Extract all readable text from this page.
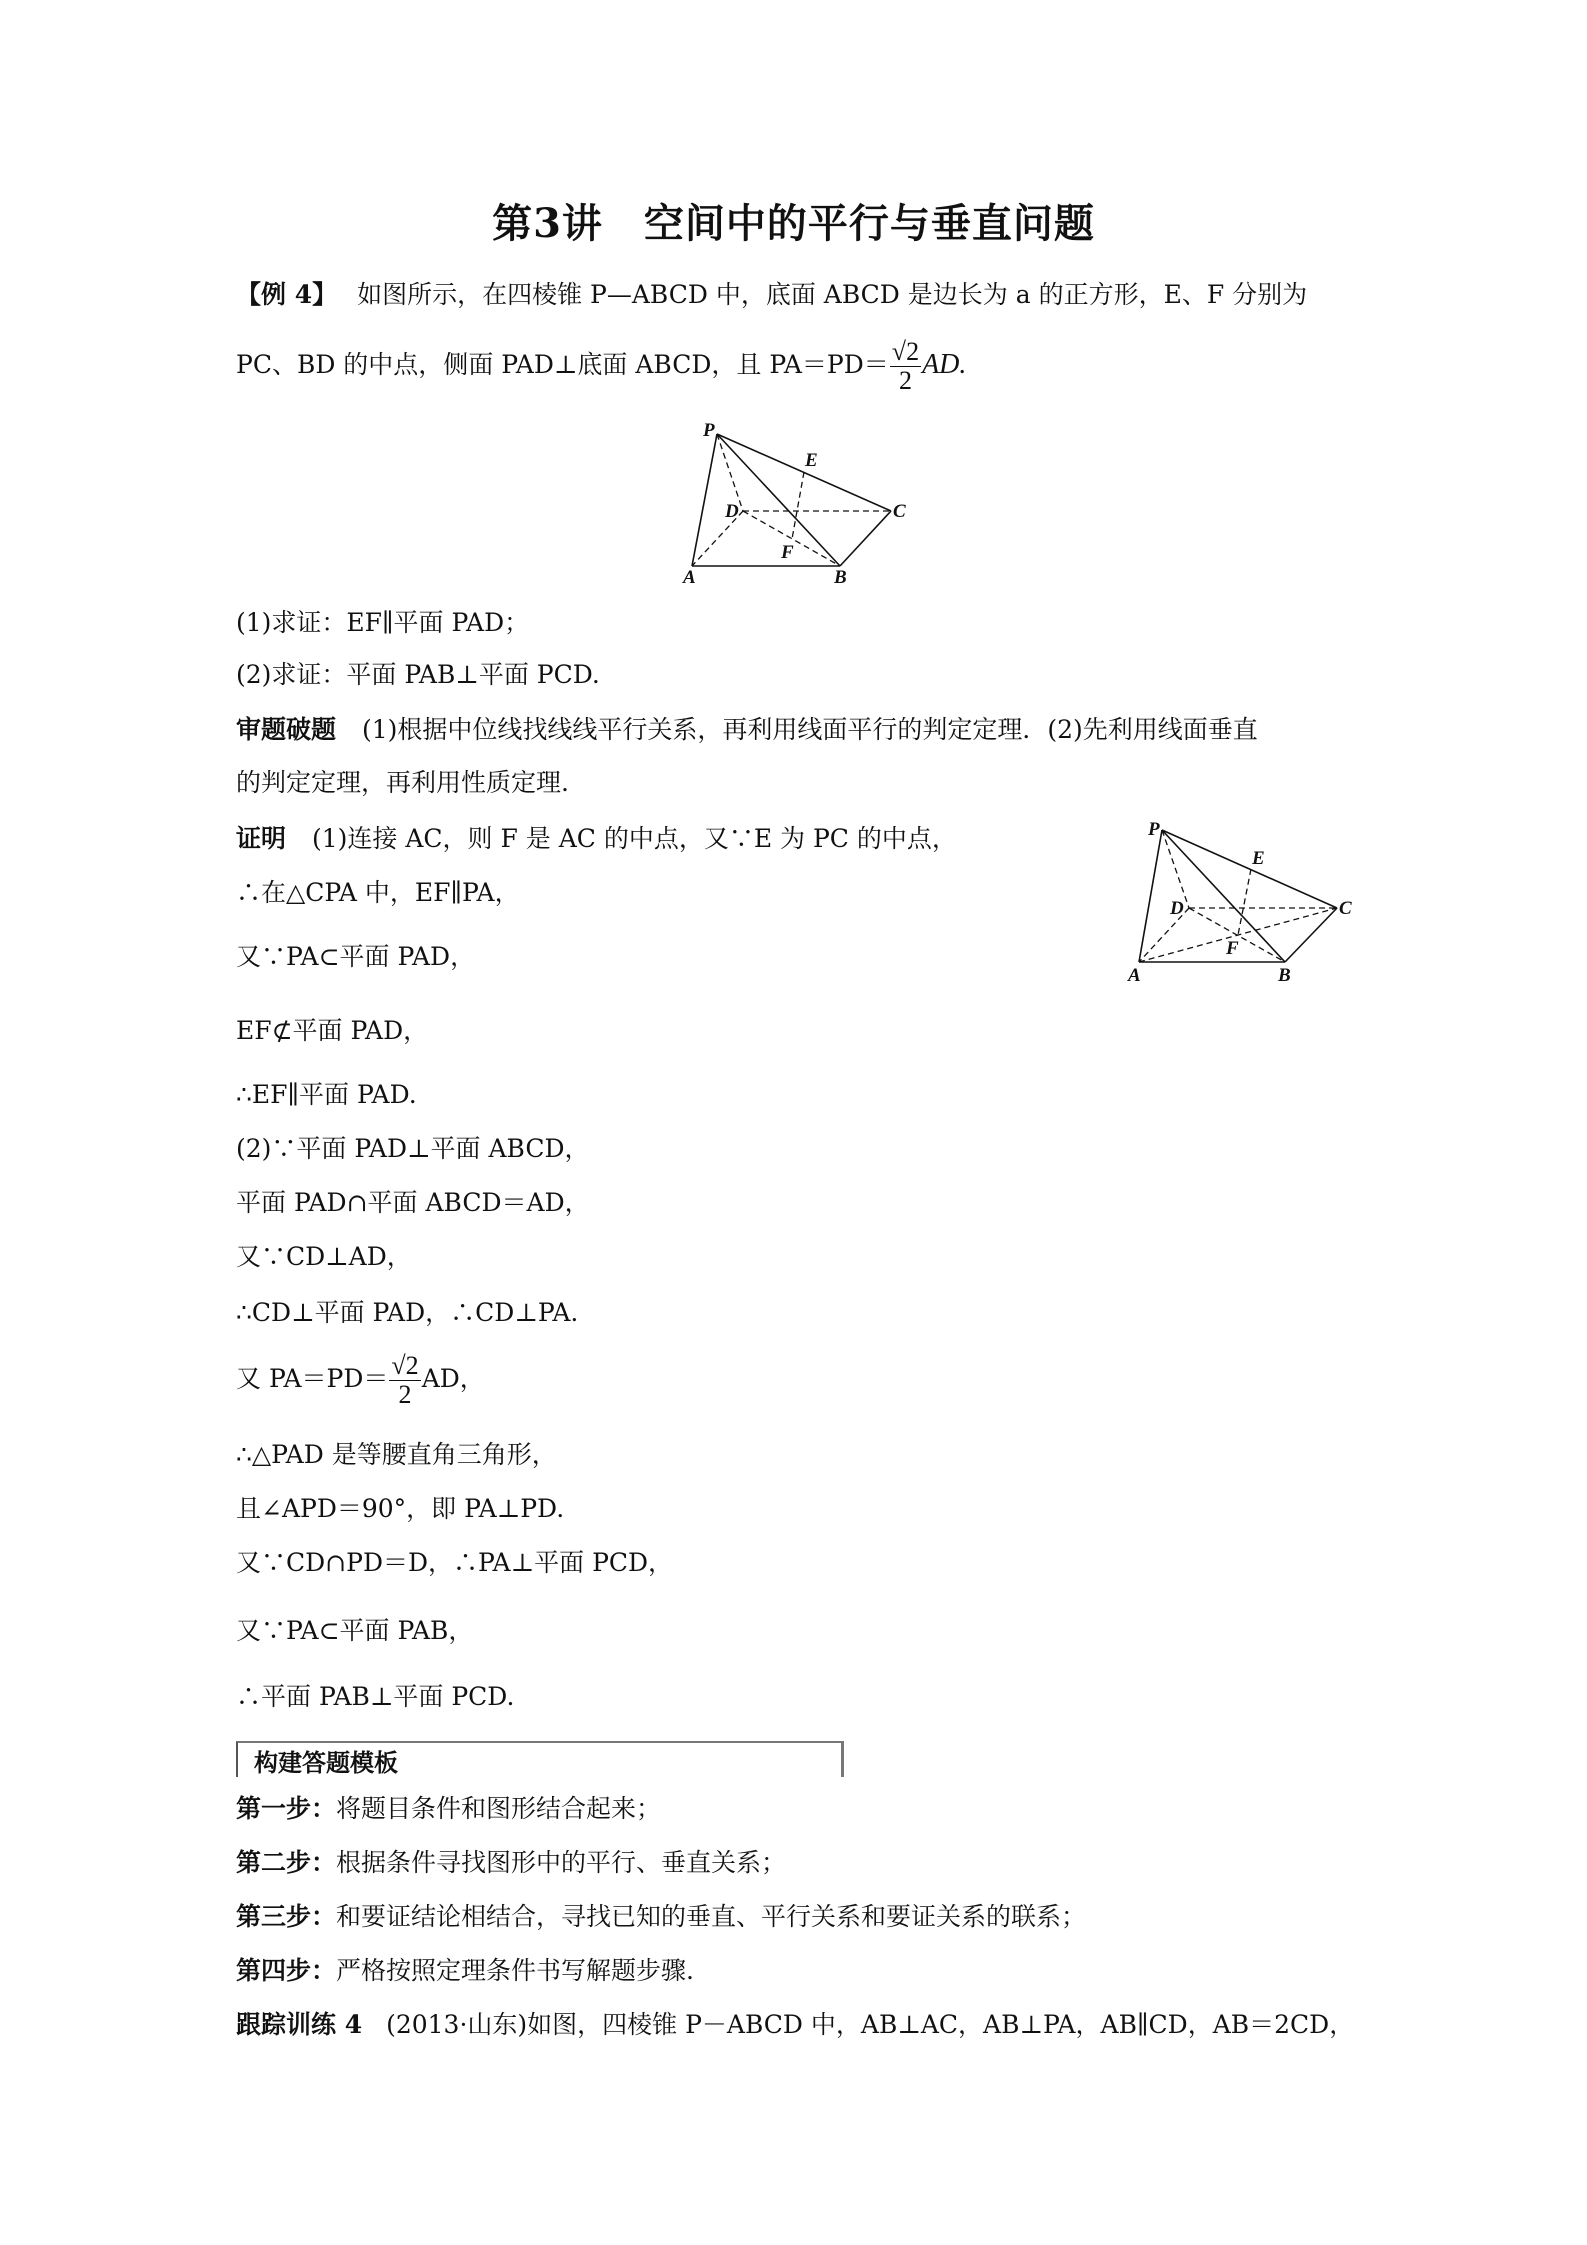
第3讲　空间中的平行与垂直问题
【例 4】 如图所示，在四棱锥 P—ABCD 中，底面 ABCD 是边长为 a 的正方形，E、F 分别为
PC、BD 的中点，侧面 PAD⊥底面 ABCD，且 $PA=PD= \frac{√2}{2}$ AD.
P
E
D	C
F
A	B
(1)求证：EF∥平面 PAD；
(2)求证：平面 PAB⊥平面 PCD.
审题破题 (1)根据中位线找线线平行关系，再利用线面平行的判定定理．(2)先利用线面垂直
的判定定理，再利用性质定理.
证明 (1)连接 AC，则 F 是 AC 的中点，又∵E 为 PC 的中点，
∴在△CPA 中，EF∥PA，
又∵PA⊂平面 PAD，
EF⊄平面 PAD，
∴EF∥平面 PAD.
(2)∵平面 PAD⊥平面 ABCD，
平面 PAD∩平面 ABCD＝AD，
又∵CD⊥AD，
∴CD⊥平面 PAD，∴CD⊥PA.
又 $PA=PD= \frac{√2}{2}$ AD，
∴△PAD 是等腰直角三角形，
且∠APD＝90°，即 PA⊥PD.
又∵CD∩PD＝D，∴PA⊥平面 PCD，
又∵PA⊂平面 PAB，
∴平面 PAB⊥平面 PCD.
P
E
D	C
F
A	B
构建答题模板
第一步：将题目条件和图形结合起来；
第二步：根据条件寻找图形中的平行、垂直关系；
第三步：和要证结论相结合，寻找已知的垂直、平行关系和要证关系的联系；
第四步：严格按照定理条件书写解题步骤.
跟踪训练 4 (2013·山东)如图，四棱锥 P－ABCD 中，AB⊥AC，AB⊥PA，AB∥CD，AB＝2CD，
